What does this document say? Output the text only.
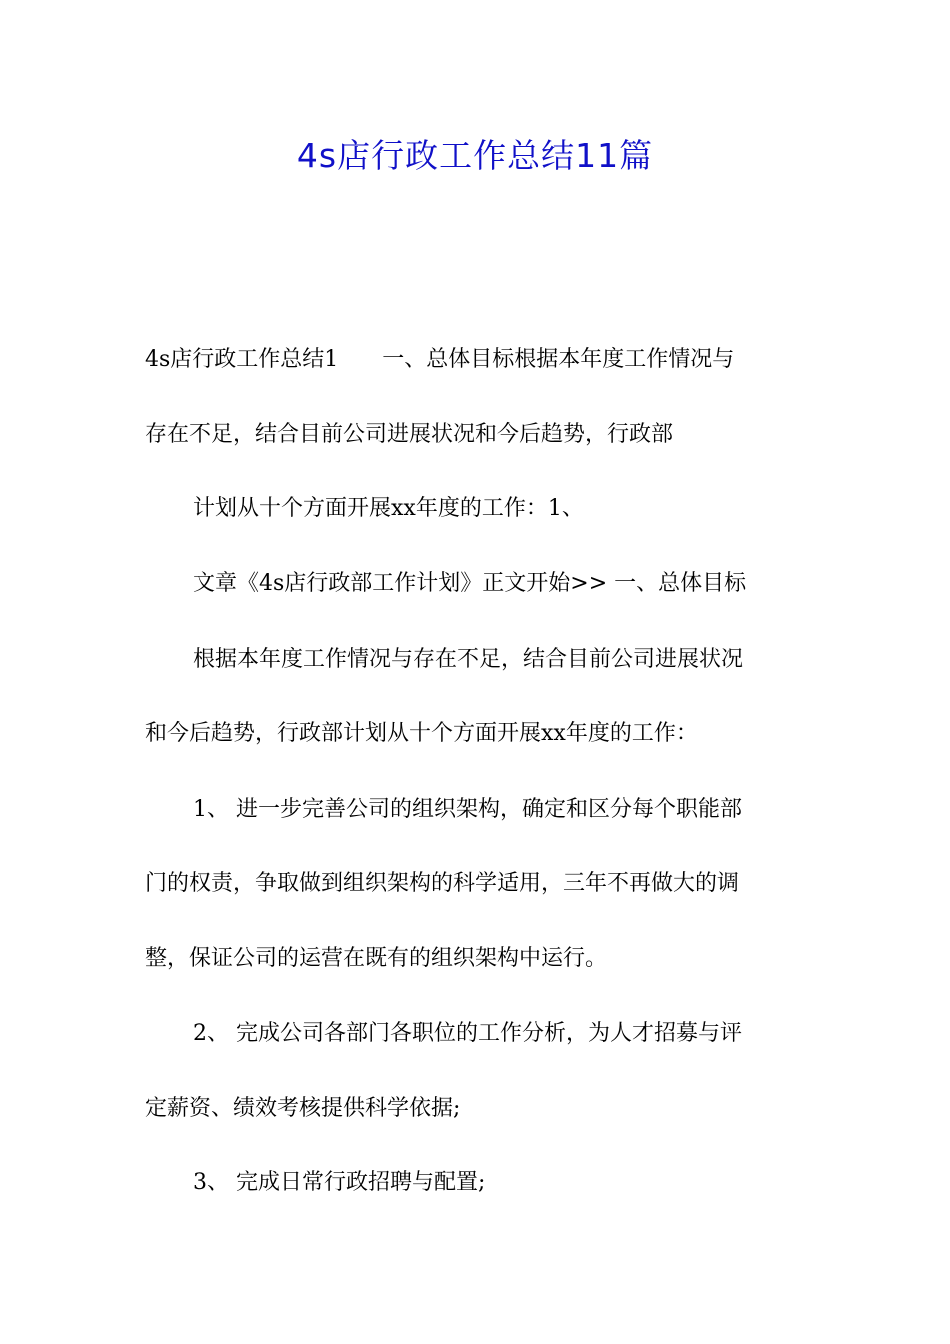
4s店行政工作总结11篇
4s店行政工作总结1　　一、总体目标根据本年度工作情况与
存在不足，结合目前公司进展状况和今后趋势，行政部
计划从十个方面开展xx年度的工作：1、
文章《4s店行政部工作计划》正文开始>> 一、总体目标
根据本年度工作情况与存在不足，结合目前公司进展状况
和今后趋势，行政部计划从十个方面开展xx年度的工作：
1、 进一步完善公司的组织架构，确定和区分每个职能部
门的权责，争取做到组织架构的科学适用，三年不再做大的调
整，保证公司的运营在既有的组织架构中运行。
2、 完成公司各部门各职位的工作分析，为人才招募与评
定薪资、绩效考核提供科学依据;
3、 完成日常行政招聘与配置;
